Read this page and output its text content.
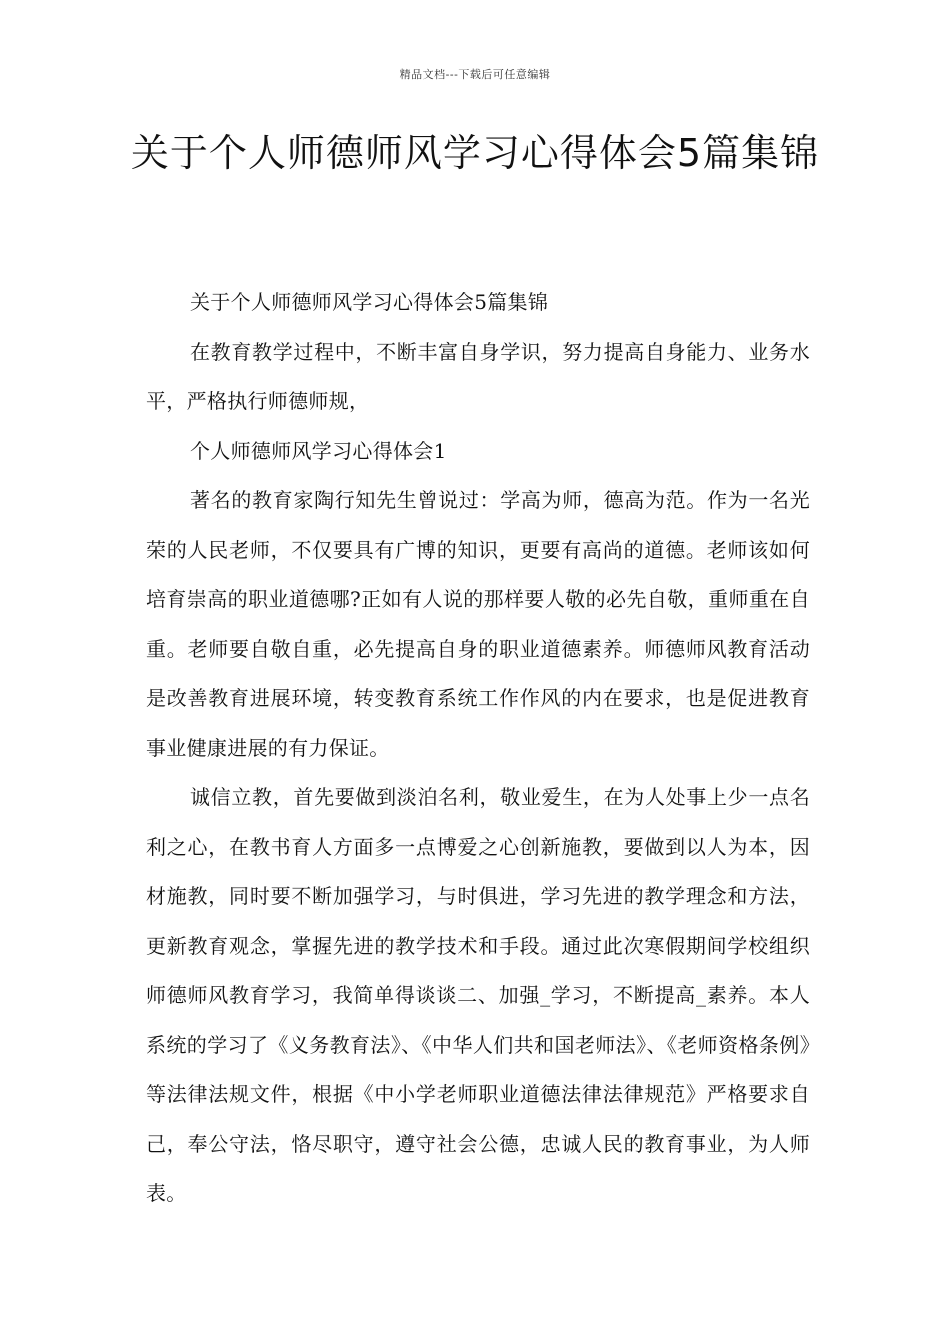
精品文档---下载后可任意编辑
关于个人师德师风学习心得体会5篇集锦

关于个人师德师风学习心得体会5篇集锦

在教育教学过程中，不断丰富自身学识，努力提高自身能力、业务水平，严格执行师德师规，

个人师德师风学习心得体会1

著名的教育家陶行知先生曾说过：学高为师，德高为范。作为一名光荣的人民老师，不仅要具有广博的知识，更要有高尚的道德。老师该如何培育崇高的职业道德哪?正如有人说的那样要人敬的必先自敬，重师重在自重。老师要自敬自重，必先提高自身的职业道德素养。师德师风教育活动是改善教育进展环境，转变教育系统工作作风的内在要求，也是促进教育事业健康进展的有力保证。

诚信立教，首先要做到淡泊名利，敬业爱生，在为人处事上少一点名利之心，在教书育人方面多一点博爱之心创新施教，要做到以人为本，因材施教，同时要不断加强学习，与时俱进，学习先进的教学理念和方法，更新教育观念，掌握先进的教学技术和手段。通过此次寒假期间学校组织师德师风教育学习，我简单得谈谈二、加强_学习，不断提高_素养。本人系统的学习了《义务教育法》、《中华人们共和国老师法》、《老师资格条例》等法律法规文件，根据《中小学老师职业道德法律法律规范》严格要求自己，奉公守法，恪尽职守，遵守社会公德，忠诚人民的教育事业，为人师表。
